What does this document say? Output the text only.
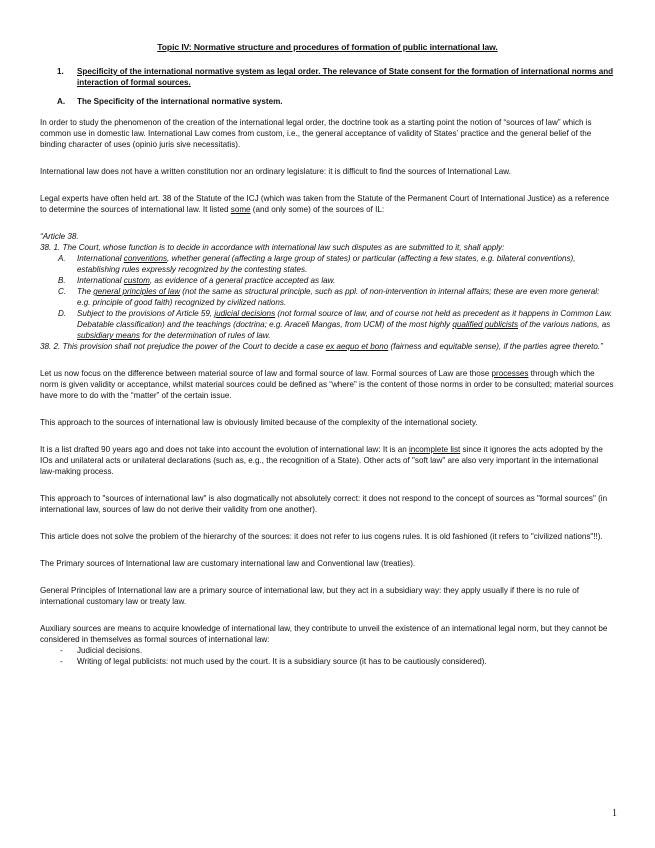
Topic IV: Normative structure and procedures of formation of public international law.
1. Specificity of the international normative system as legal order. The relevance of State consent for the formation of international norms and interaction of formal sources.
A. The Specificity of the international normative system.

In order to study the phenomenon of the creation of the international legal order, the doctrine took as a starting point the notion of “sources of law” which is common use in domestic law. International Law comes from custom, i.e., the general acceptance of validity of States’ practice and the general belief of the binding character of uses (opinio juris sive necessitatis).

International law does not have a written constitution nor an ordinary legislature: it is difficult to find the sources of International Law.

Legal experts have often held art. 38 of the Statute of the ICJ (which was taken from the Statute of the Permanent Court of International Justice) as a reference to determine the sources of international law. It listed some (and only some) of the sources of IL:

“Article 38.

38. 1. The Court, whose function is to decide in accordance with international law such disputes as are submitted to it, shall apply:

A. International conventions, whether general (affecting a large group of states) or particular (affecting a few states, e.g. bilateral conventions), establishing rules expressly recognized by the contesting states.
B. International custom, as evidence of a general practice accepted as law.
C. The general principles of law (not the same as structural principle, such as ppl. of non-intervention in internal affairs; these are even more general: e.g. principle of good faith) recognized by civilized nations.
D. Subject to the provisions of Article 59, judicial decisions (not formal source of law, and of course not held as precedent as it happens in Common Law. Debatable classification) and the teachings (doctrina; e.g. Araceli Mangas, from UCM) of the most highly qualified publicists of the various nations, as subsidiary means for the determination of rules of law.

38. 2. This provision shall not prejudice the power of the Court to decide a case ex aequo et bono (fairness and equitable sense), if the parties agree thereto.”

Let us now focus on the difference between material source of law and formal source of law. Formal sources of Law are those processes through which the norm is given validity or acceptance, whilst material sources could be defined as “where” is the content of those norms in order to be consulted; material sources have more to do with the “matter” of the certain issue.

This approach to the sources of international law is obviously limited because of the complexity of the international society.

It is a list drafted 90 years ago and does not take into account the evolution of international law: It is an incomplete list since it ignores the acts adopted by the IOs and unilateral acts or unilateral declarations (such as, e.g., the recognition of a State). Other acts of "soft law" are also very important in the international law-making process.

This approach to "sources of international law" is also dogmatically not absolutely correct: it does not respond to the concept of sources as "formal sources" (in international law, sources of law do not derive their validity from one another).

This article does not solve the problem of the hierarchy of the sources: it does not refer to ius cogens rules. It is old fashioned (it refers to "civilized nations"!!).

The Primary sources of International law are customary international law and Conventional law (treaties).

General Principles of International law are a primary source of international law, but they act in a subsidiary way: they apply usually if there is no rule of international customary law or treaty law.

Auxiliary sources are means to acquire knowledge of international law, they contribute to unveil the existence of an international legal norm, but they cannot be considered in themselves as formal sources of international law:

- Judicial decisions.
- Writing of legal publicists: not much used by the court. It is a subsidiary source (it has to be cautiously considered).
1
